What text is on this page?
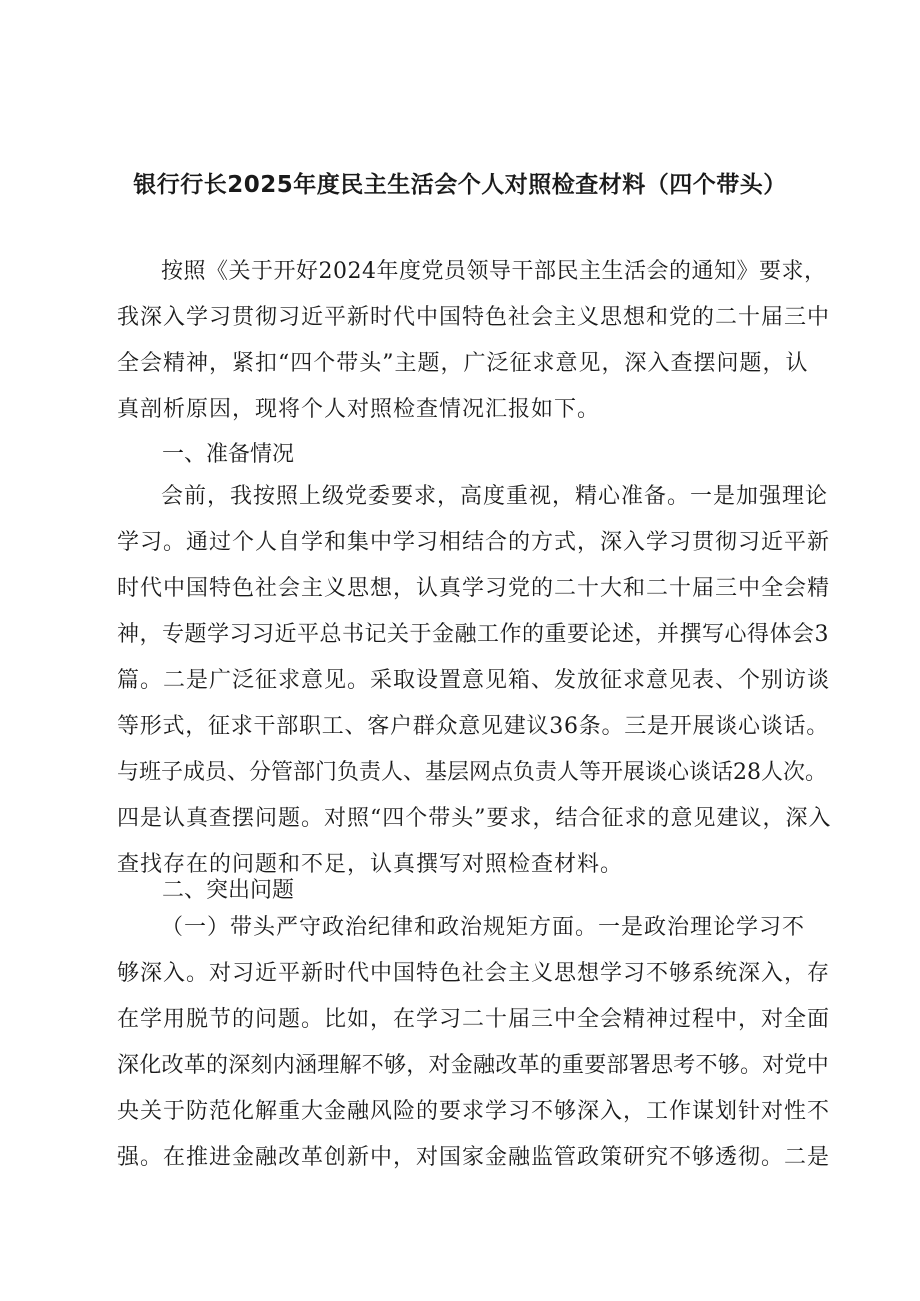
银行行长2025年度民主生活会个人对照检查材料（四个带头）
按照《关于开好2024年度党员领导干部民主生活会的通知》要求，
我深入学习贯彻习近平新时代中国特色社会主义思想和党的二十届三中
全会精神，紧扣“四个带头”主题，广泛征求意见，深入查摆问题，认
真剖析原因，现将个人对照检查情况汇报如下。
一、准备情况
会前，我按照上级党委要求，高度重视，精心准备。一是加强理论
学习。通过个人自学和集中学习相结合的方式，深入学习贯彻习近平新
时代中国特色社会主义思想，认真学习党的二十大和二十届三中全会精
神，专题学习习近平总书记关于金融工作的重要论述，并撰写心得体会3
篇。二是广泛征求意见。采取设置意见箱、发放征求意见表、个别访谈
等形式，征求干部职工、客户群众意见建议36条。三是开展谈心谈话。
与班子成员、分管部门负责人、基层网点负责人等开展谈心谈话28人次。
四是认真查摆问题。对照“四个带头”要求，结合征求的意见建议，深入
查找存在的问题和不足，认真撰写对照检查材料。
二、突出问题
（一）带头严守政治纪律和政治规矩方面。一是政治理论学习不
够深入。对习近平新时代中国特色社会主义思想学习不够系统深入，存
在学用脱节的问题。比如，在学习二十届三中全会精神过程中，对全面
深化改革的深刻内涵理解不够，对金融改革的重要部署思考不够。对党中
央关于防范化解重大金融风险的要求学习不够深入，工作谋划针对性不
强。在推进金融改革创新中，对国家金融监管政策研究不够透彻。二是
